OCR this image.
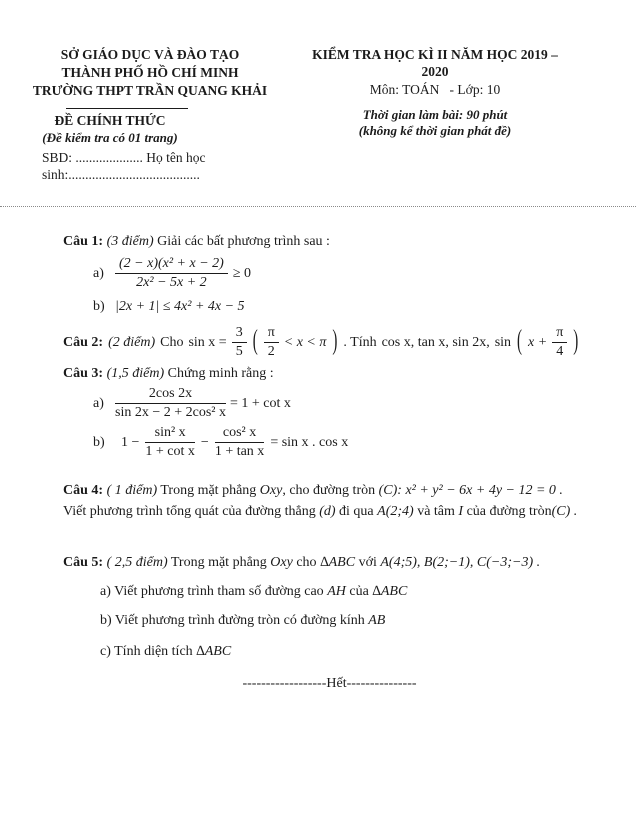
SỞ GIÁO DỤC VÀ ĐÀO TẠO
THÀNH PHỐ HỒ CHÍ MINH
TRƯỜNG THPT TRẦN QUANG KHẢI
ĐỀ CHÍNH THỨC
(Đề kiểm tra có 01 trang)
SBD: .................... Họ tên học sinh:.......................................
KIỂM TRA HỌC KÌ II NĂM HỌC 2019 – 2020
Môn: TOÁN   - Lớp: 10
Thời gian làm bài: 90 phút
(không kể thời gian phát đề)
Câu 1: (3 điểm) Giải các bất phương trình sau :
$a) \frac{\text{(2 − x)(x² + x − 2)}}{\text{2x² − 5x + 2}} \ge 0$
b) |2x + 1| ≤ 4x² + 4x − 5
Câu 2: (2 điểm) Cho $\sin x = \frac{3}{5}$ ( $\frac{\pi}{2} < x < \pi$ ) . Tính cos x, tan x, sin 2x, sin ( $x + \frac{\pi}{4}$ )
Câu 3: (1,5 điểm) Chứng minh rằng :
$a) \frac{2\cos 2x}{\text{sin 2x − 2 + 2cos² x}} = 1 + \cot x$
b)	$1 - \frac{\text{sin² x}}{\text{1 + cot x}} - \frac{\text{cos² x}}{\text{1 + tan x}} = \sin x$ . cos x
Câu 4: ( 1 điểm) Trong mặt phẳng Oxy, cho đường tròn (C): x² + y² − 6x + 4y − 12 = 0 .
Viết phương trình tổng quát của đường thẳng (d) đi qua A(2;4) và tâm I của đường tròn(C) .
Câu 5: ( 2,5 điểm) Trong mặt phẳng Oxy cho ∆ABC với A(4;5), B(2;−1), C(−3;−3) .
a) Viết phương trình tham số đường cao AH của ∆ABC
b) Viết phương trình đường tròn có đường kính AB
c) Tính diện tích ∆ABC
------------------Hết---------------
